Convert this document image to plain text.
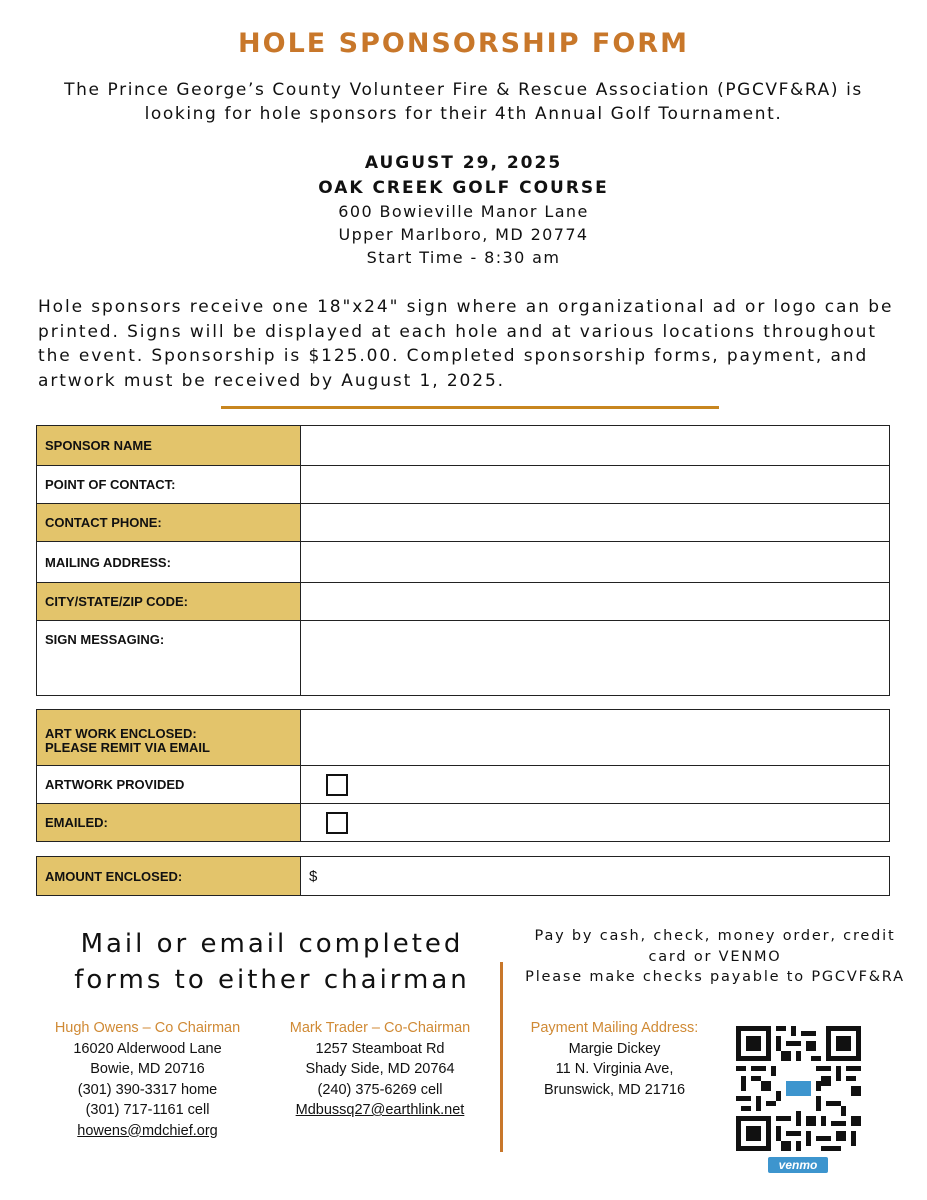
HOLE SPONSORSHIP FORM
The Prince George’s County Volunteer Fire & Rescue Association (PGCVF&RA) is looking for hole sponsors for their 4th Annual Golf Tournament.
AUGUST 29, 2025
OAK CREEK GOLF COURSE
600 Bowieville Manor Lane
Upper Marlboro, MD 20774
Start Time - 8:30 am
Hole sponsors receive one 18"x24" sign where an organizational ad or logo can be printed. Signs will be displayed at each hole and at various locations throughout the event. Sponsorship is $125.00. Completed sponsorship forms, payment, and artwork must be received by August 1, 2025.
SPONSOR NAME	
POINT OF CONTACT:	
CONTACT PHONE:	
MAILING ADDRESS:	
CITY/STATE/ZIP CODE:	
SIGN MESSAGING:	
ART WORK ENCLOSED:
PLEASE REMIT VIA EMAIL	

ARTWORK PROVIDED	
EMAILED:	
AMOUNT ENCLOSED:	$
Mail or email completed forms to either chairman
Pay by cash, check, money order, credit card or VENMO
Please make checks payable to PGCVF&RA
Hugh Owens – Co Chairman
16020 Alderwood Lane
Bowie, MD 20716
(301) 390-3317 home
(301) 717-1161 cell
howens@mdchief.org
Mark Trader – Co-Chairman
1257 Steamboat Rd
Shady Side, MD 20764
(240) 375-6269 cell
Mdbussq27@earthlink.net
Payment Mailing Address:
Margie Dickey
11 N. Virginia Ave,
Brunswick, MD 21716
venmo
